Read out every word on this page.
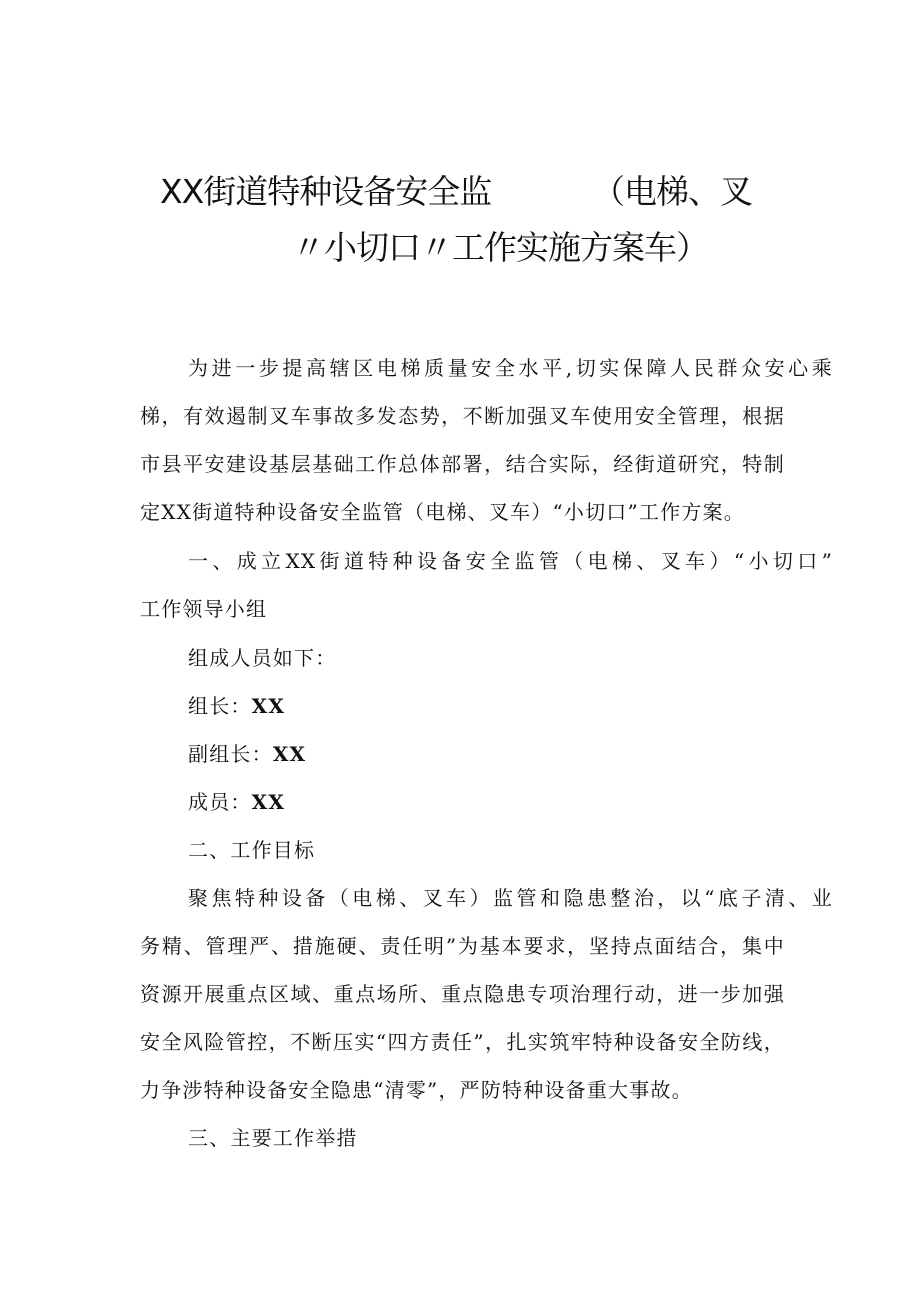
XX街道特种设备安全监	（电梯、叉
〃小切口〃工作实施方案车）
为进一步提高辖区电梯质量安全水平,切实保障人民群众安心乘
梯，有效遏制叉车事故多发态势，不断加强叉车使用安全管理，根据
市县平安建设基层基础工作总体部署，结合实际，经街道研究，特制
定XX街道特种设备安全监管（电梯、叉车）“小切口”工作方案。
一、成立XX街道特种设备安全监管（电梯、叉车）“小切口”
工作领导小组
组成人员如下：
组长：XX
副组长：XX
成员：XX
二、工作目标
聚焦特种设备（电梯、叉车）监管和隐患整治，以“底子清、业
务精、管理严、措施硬、责任明”为基本要求，坚持点面结合，集中
资源开展重点区域、重点场所、重点隐患专项治理行动，进一步加强
安全风险管控，不断压实“四方责任”，扎实筑牢特种设备安全防线，
力争涉特种设备安全隐患“清零”，严防特种设备重大事故。
三、主要工作举措
